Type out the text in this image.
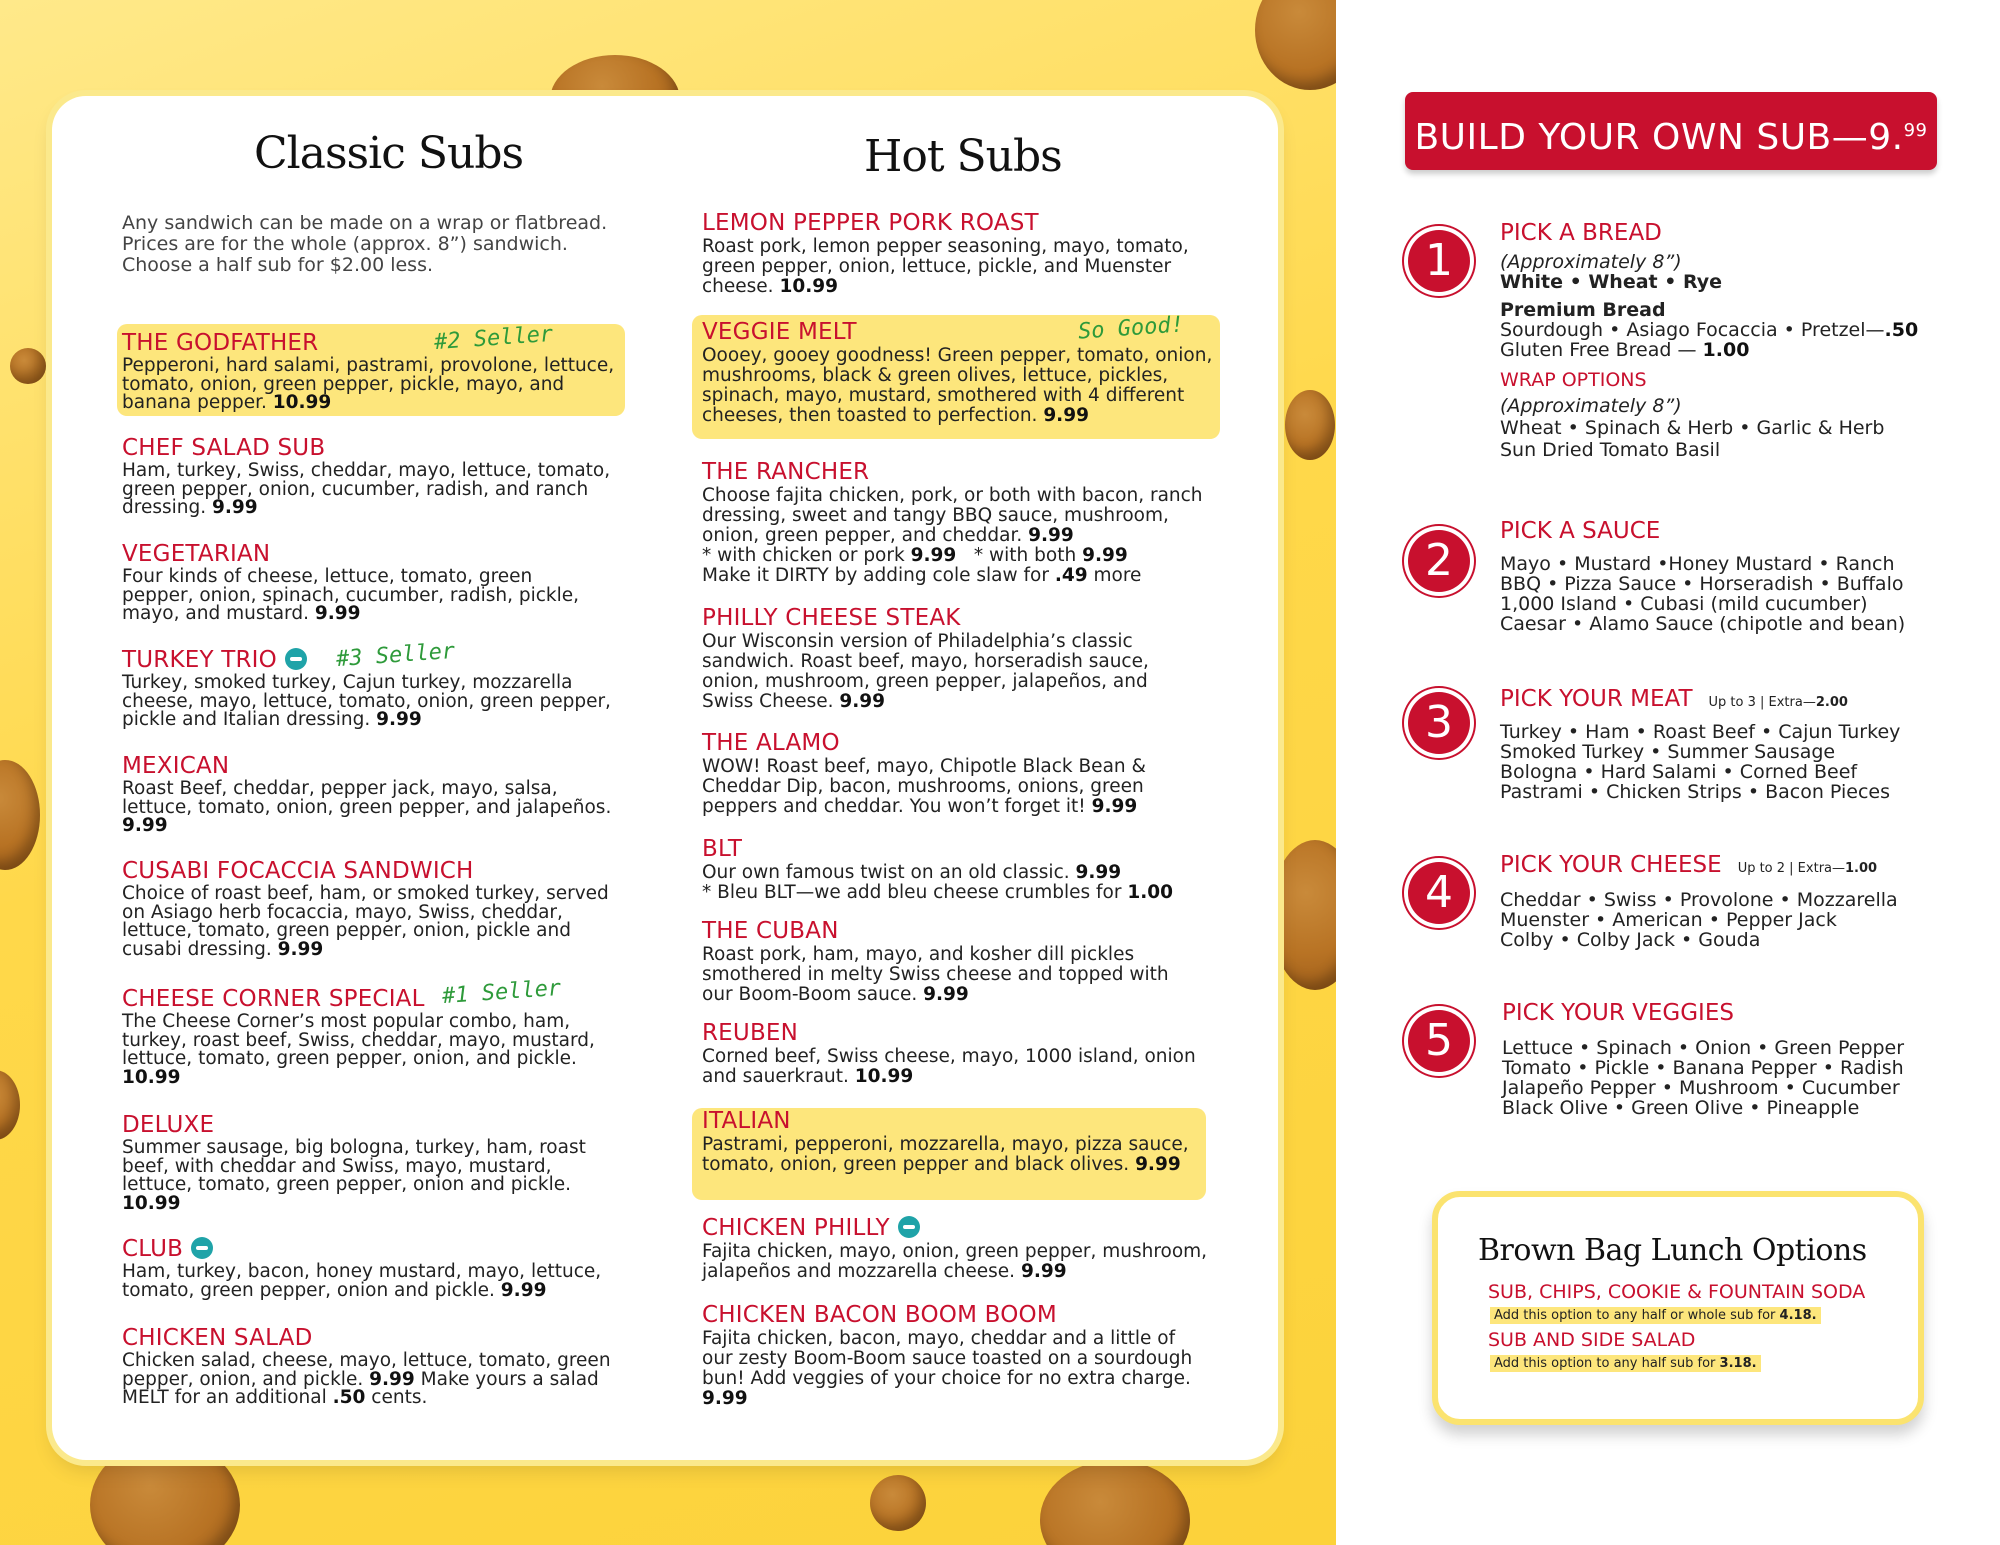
Classic Subs
Any sandwich can be made on a wrap or flatbread. Prices are for the whole (approx. 8”) sandwich. Choose a half sub for $2.00 less.
THE GODFATHER
Pepperoni, hard salami, pastrami, provolone, lettuce, tomato, onion, green pepper, pickle, mayo, and banana pepper. 10.99
#2 Seller
CHEF SALAD SUB
Ham, turkey, Swiss, cheddar, mayo, lettuce, tomato, green pepper, onion, cucumber, radish, and ranch dressing. 9.99
VEGETARIAN
Four kinds of cheese, lettuce, tomato, green pepper, onion, spinach, cucumber, radish, pickle, mayo, and mustard. 9.99
TURKEY TRIO
Turkey, smoked turkey, Cajun turkey, mozzarella cheese, mayo, lettuce, tomato, onion, green pepper, pickle and Italian dressing. 9.99
#3 Seller
MEXICAN
Roast Beef, cheddar, pepper jack, mayo, salsa, lettuce, tomato, onion, green pepper, and jalapeños. 9.99
CUSABI FOCACCIA SANDWICH
Choice of roast beef, ham, or smoked turkey, served on Asiago herb focaccia, mayo, Swiss, cheddar, lettuce, tomato, green pepper, onion, pickle and cusabi dressing. 9.99
CHEESE CORNER SPECIAL
The Cheese Corner’s most popular combo, ham, turkey, roast beef, Swiss, cheddar, mayo, mustard, lettuce, tomato, green pepper, onion, and pickle. 10.99
#1 Seller
DELUXE
Summer sausage, big bologna, turkey, ham, roast beef, with cheddar and Swiss, mayo, mustard, lettuce, tomato, green pepper, onion and pickle. 10.99
CLUB
Ham, turkey, bacon, honey mustard, mayo, lettuce, tomato, green pepper, onion and pickle. 9.99
CHICKEN SALAD
Chicken salad, cheese, mayo, lettuce, tomato, green pepper, onion, and pickle. 9.99 Make yours a salad MELT for an additional .50 cents.
Hot Subs
LEMON PEPPER PORK ROAST
Roast pork, lemon pepper seasoning, mayo, tomato, green pepper, onion, lettuce, pickle, and Muenster cheese. 10.99
VEGGIE MELT
Oooey, gooey goodness! Green pepper, tomato, onion, mushrooms, black & green olives, lettuce, pickles, spinach, mayo, mustard, smothered with 4 different cheeses, then toasted to perfection. 9.99
So Good!
THE RANCHER
Choose fajita chicken, pork, or both with bacon, ranch dressing, sweet and tangy BBQ sauce, mushroom, onion, green pepper, and cheddar. 9.99
* with chicken or pork 9.99 * with both 9.99
Make it DIRTY by adding cole slaw for .49 more
PHILLY CHEESE STEAK
Our Wisconsin version of Philadelphia’s classic sandwich. Roast beef, mayo, horseradish sauce, onion, mushroom, green pepper, jalapeños, and Swiss Cheese. 9.99
THE ALAMO
WOW! Roast beef, mayo, Chipotle Black Bean & Cheddar Dip, bacon, mushrooms, onions, green peppers and cheddar. You won’t forget it! 9.99
BLT
Our own famous twist on an old classic. 9.99
* Bleu BLT—we add bleu cheese crumbles for 1.00
THE CUBAN
Roast pork, ham, mayo, and kosher dill pickles smothered in melty Swiss cheese and topped with our Boom-Boom sauce. 9.99
REUBEN
Corned beef, Swiss cheese, mayo, 1000 island, onion and sauerkraut. 10.99
ITALIAN
Pastrami, pepperoni, mozzarella, mayo, pizza sauce, tomato, onion, green pepper and black olives. 9.99
CHICKEN PHILLY
Fajita chicken, mayo, onion, green pepper, mushroom, jalapeños and mozzarella cheese. 9.99
CHICKEN BACON BOOM BOOM
Fajita chicken, bacon, mayo, cheddar and a little of our zesty Boom-Boom sauce toasted on a sourdough bun! Add veggies of your choice for no extra charge. 9.99
BUILD YOUR OWN SUB—9.99
1
PICK A BREAD
(Approximately 8”)
White • Wheat • Rye
Premium Bread
Sourdough • Asiago Focaccia • Pretzel—.50
Gluten Free Bread — 1.00
WRAP OPTIONS
(Approximately 8”)
Wheat • Spinach & Herb • Garlic & Herb
Sun Dried Tomato Basil
2
PICK A SAUCE
Mayo • Mustard •Honey Mustard • Ranch
BBQ • Pizza Sauce • Horseradish • Buffalo
1,000 Island • Cubasi (mild cucumber)
Caesar • Alamo Sauce (chipotle and bean)
3	PICK YOUR MEAT Up to 3 | Extra—2.00
Turkey • Ham • Roast Beef • Cajun Turkey
Smoked Turkey • Summer Sausage
Bologna • Hard Salami • Corned Beef
Pastrami • Chicken Strips • Bacon Pieces
4
PICK YOUR CHEESE Up to 2 | Extra—1.00
Cheddar • Swiss • Provolone • Mozzarella
Muenster • American • Pepper Jack
Colby • Colby Jack • Gouda
5
PICK YOUR VEGGIES
Lettuce • Spinach • Onion • Green Pepper
Tomato • Pickle • Banana Pepper • Radish
Jalapeño Pepper • Mushroom • Cucumber
Black Olive • Green Olive • Pineapple
Brown Bag Lunch Options
SUB, CHIPS, COOKIE & FOUNTAIN SODA
Add this option to any half or whole sub for 4.18.
SUB AND SIDE SALAD
Add this option to any half sub for 3.18.
